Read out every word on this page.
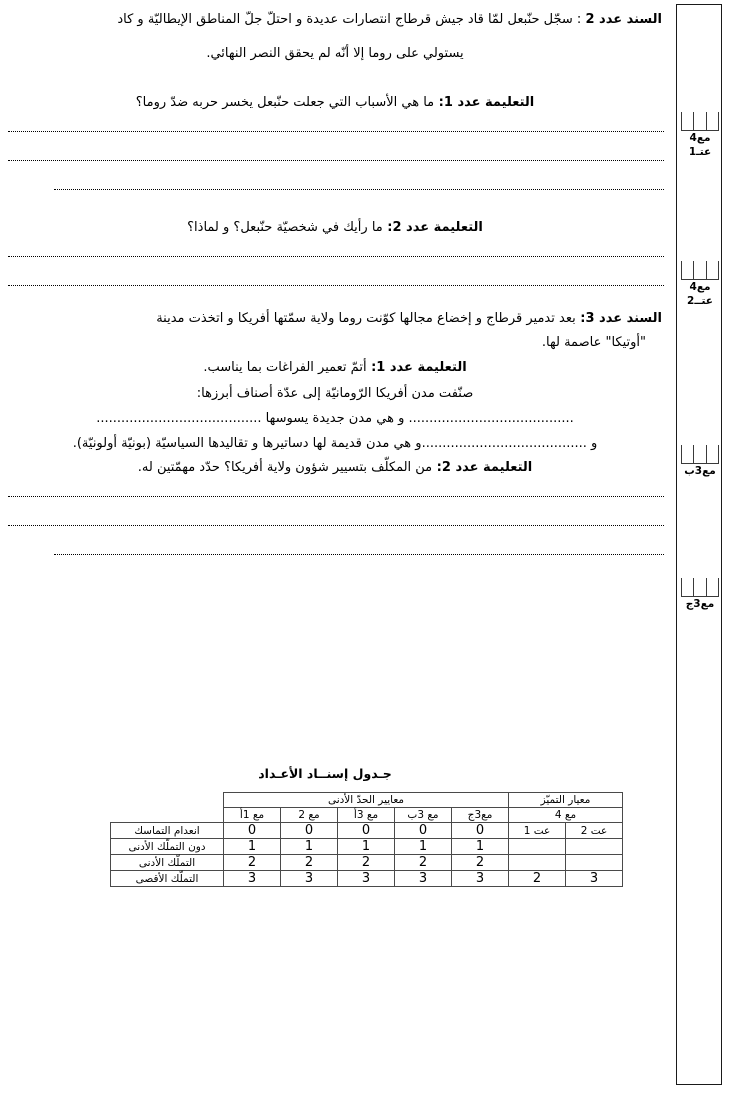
مع4
عتـ1
مع4
عتــ2
مع3ب
مع3ج
السند عدد 2 : سجّل حنّبعل لمّا قاد جيش قرطاج انتصارات عديدة و احتلّ جلّ المناطق الإيطاليّة و كاد
يستولي على روما إلا أنّه لم يحقق النصر النهائي.
التعليمة عدد 1: ما هي الأسباب التي جعلت حنّبعل يخسر حربه ضدّ روما؟
التعليمة عدد 2: ما رأيك في شخصيّة حنّبعل؟ و لماذا؟
السند عدد 3: بعد تدمير قرطاج و إخضاع مجالها كوّنت روما ولاية سمّتها أفريكا و اتخذت مدينة
"أوتيكا" عاصمة لها.
التعليمة عدد 1: أتمّ تعمير الفراغات بما يناسب.
صنّفت مدن أفريكا الرّومانيّة إلى عدّة أصناف أبرزها:
........................................ و هي مدن جديدة يسوسها ........................................
و ........................................و هي مدن قديمة لها دساتيرها و تقاليدها السياسيّة (بونيّة أولونيّة).
التعليمة عدد 2: من المكلّف بتسيير شؤون ولاية أفريكا؟ حدّد مهمّتين له.
جـدول إسنــاد الأعـداد
معيار التميّز		معايير الحدّ الأدنى					
مع 4		مع3ج	مع 3ب	مع 3أ	مع 2	مع 1أ	
عت 2	عت 1	0	0	0	0	0	انعدام التماسك
		1	1	1	1	1	دون التملّك الأدنى
		2	2	2	2	2	التملّك الأدنى
3	2	3	3	3	3	3	التملّك الأقصى
